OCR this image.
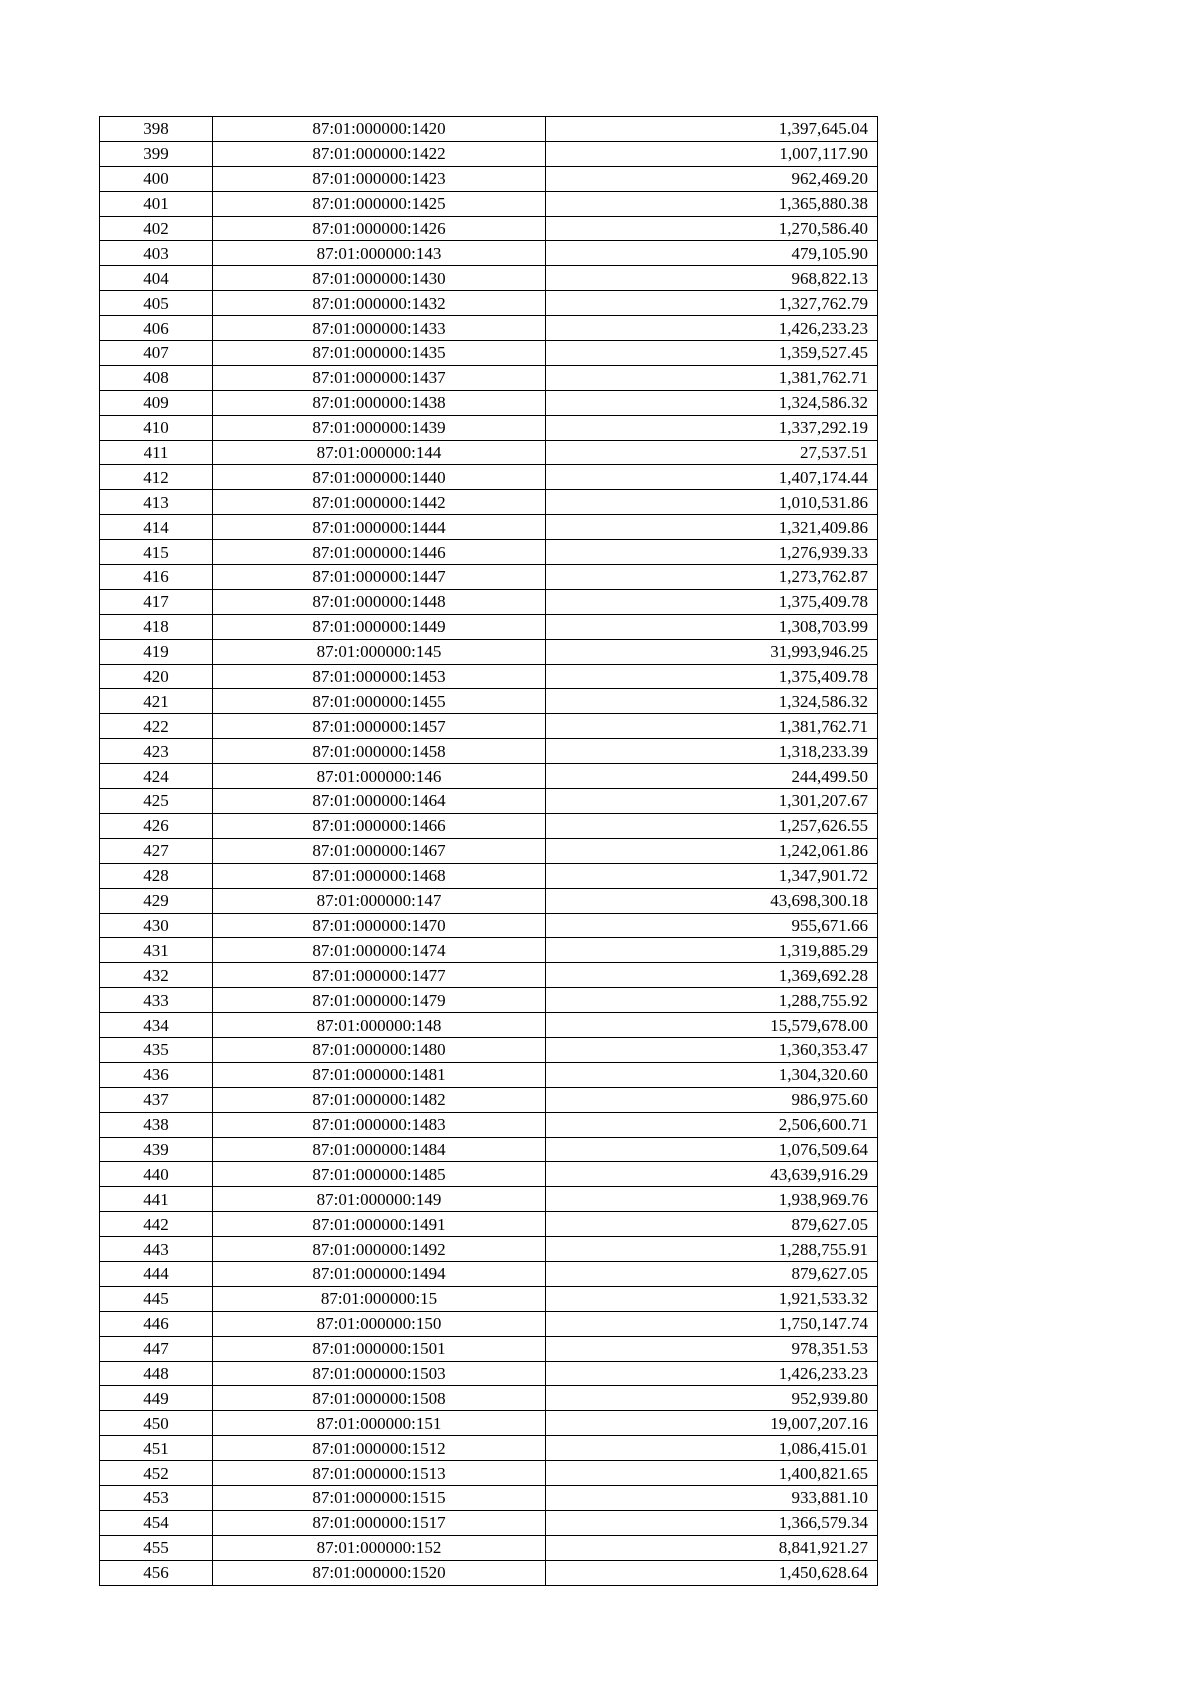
398	87:01:000000:1420	1,397,645.04
399	87:01:000000:1422	1,007,117.90
400	87:01:000000:1423	962,469.20
401	87:01:000000:1425	1,365,880.38
402	87:01:000000:1426	1,270,586.40
403	87:01:000000:143	479,105.90
404	87:01:000000:1430	968,822.13
405	87:01:000000:1432	1,327,762.79
406	87:01:000000:1433	1,426,233.23
407	87:01:000000:1435	1,359,527.45
408	87:01:000000:1437	1,381,762.71
409	87:01:000000:1438	1,324,586.32
410	87:01:000000:1439	1,337,292.19
411	87:01:000000:144	27,537.51
412	87:01:000000:1440	1,407,174.44
413	87:01:000000:1442	1,010,531.86
414	87:01:000000:1444	1,321,409.86
415	87:01:000000:1446	1,276,939.33
416	87:01:000000:1447	1,273,762.87
417	87:01:000000:1448	1,375,409.78
418	87:01:000000:1449	1,308,703.99
419	87:01:000000:145	31,993,946.25
420	87:01:000000:1453	1,375,409.78
421	87:01:000000:1455	1,324,586.32
422	87:01:000000:1457	1,381,762.71
423	87:01:000000:1458	1,318,233.39
424	87:01:000000:146	244,499.50
425	87:01:000000:1464	1,301,207.67
426	87:01:000000:1466	1,257,626.55
427	87:01:000000:1467	1,242,061.86
428	87:01:000000:1468	1,347,901.72
429	87:01:000000:147	43,698,300.18
430	87:01:000000:1470	955,671.66
431	87:01:000000:1474	1,319,885.29
432	87:01:000000:1477	1,369,692.28
433	87:01:000000:1479	1,288,755.92
434	87:01:000000:148	15,579,678.00
435	87:01:000000:1480	1,360,353.47
436	87:01:000000:1481	1,304,320.60
437	87:01:000000:1482	986,975.60
438	87:01:000000:1483	2,506,600.71
439	87:01:000000:1484	1,076,509.64
440	87:01:000000:1485	43,639,916.29
441	87:01:000000:149	1,938,969.76
442	87:01:000000:1491	879,627.05
443	87:01:000000:1492	1,288,755.91
444	87:01:000000:1494	879,627.05
445	87:01:000000:15	1,921,533.32
446	87:01:000000:150	1,750,147.74
447	87:01:000000:1501	978,351.53
448	87:01:000000:1503	1,426,233.23
449	87:01:000000:1508	952,939.80
450	87:01:000000:151	19,007,207.16
451	87:01:000000:1512	1,086,415.01
452	87:01:000000:1513	1,400,821.65
453	87:01:000000:1515	933,881.10
454	87:01:000000:1517	1,366,579.34
455	87:01:000000:152	8,841,921.27
456	87:01:000000:1520	1,450,628.64
